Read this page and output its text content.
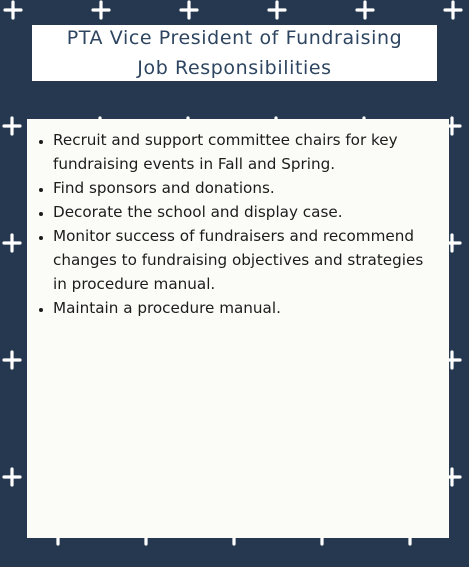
PTA Vice President of Fundraising
Job Responsibilities
• Recruit and support committee chairs for key fundraising events in Fall and Spring.
• Find sponsors and donations.
• Decorate the school and display case.
• Monitor success of fundraisers and recommend changes to fundraising objectives and strategies in procedure manual.
• Maintain a procedure manual.
